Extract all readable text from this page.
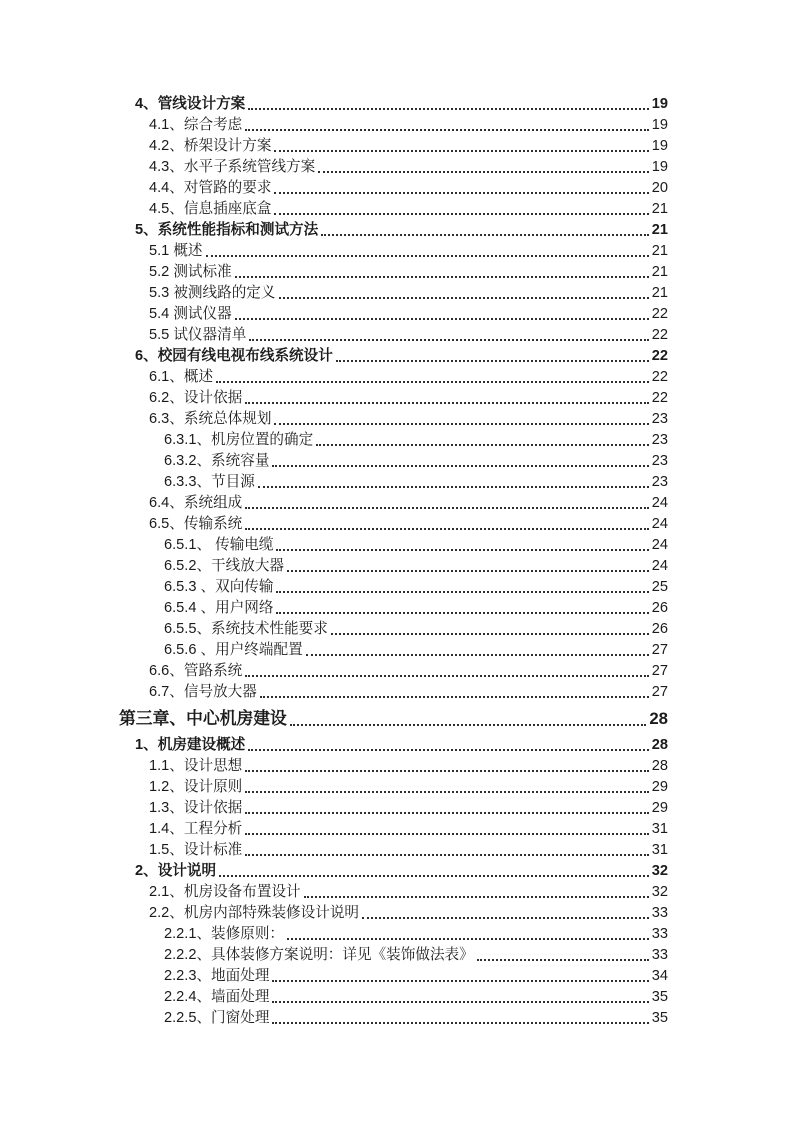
4、管线设计方案	19
4.1、综合考虑	19
4.2、桥架设计方案	19
4.3、水平子系统管线方案	19
4.4、对管路的要求	20
4.5、信息插座底盒	21
5、系统性能指标和测试方法	21
5.1 概述	21
5.2 测试标准	21
5.3 被测线路的定义	21
5.4 测试仪器	22
5.5 试仪器清单	22
6、校园有线电视布线系统设计	22
6.1、概述	22
6.2、设计依据	22
6.3、系统总体规划	23
6.3.1、机房位置的确定	23
6.3.2、系统容量	23
6.3.3、节目源	23
6.4、系统组成	24
6.5、传输系统	24
6.5.1、 传输电缆	24
6.5.2、干线放大器	24
6.5.3 、双向传输	25
6.5.4 、用户网络	26
6.5.5、系统技术性能要求	26
6.5.6 、用户终端配置	27
6.6、管路系统	27
6.7、信号放大器	27
第三章、中心机房建设	28
1、机房建设概述	28
1.1、设计思想	28
1.2、设计原则	29
1.3、设计依据	29
1.4、工程分析	31
1.5、设计标准	31
2、设计说明	32
2.1、机房设备布置设计	32
2.2、机房内部特殊装修设计说明	33
2.2.1、装修原则：	33
2.2.2、具体装修方案说明：详见《装饰做法表》	33
2.2.3、地面处理	34
2.2.4、墙面处理	35
2.2.5、门窗处理	35
